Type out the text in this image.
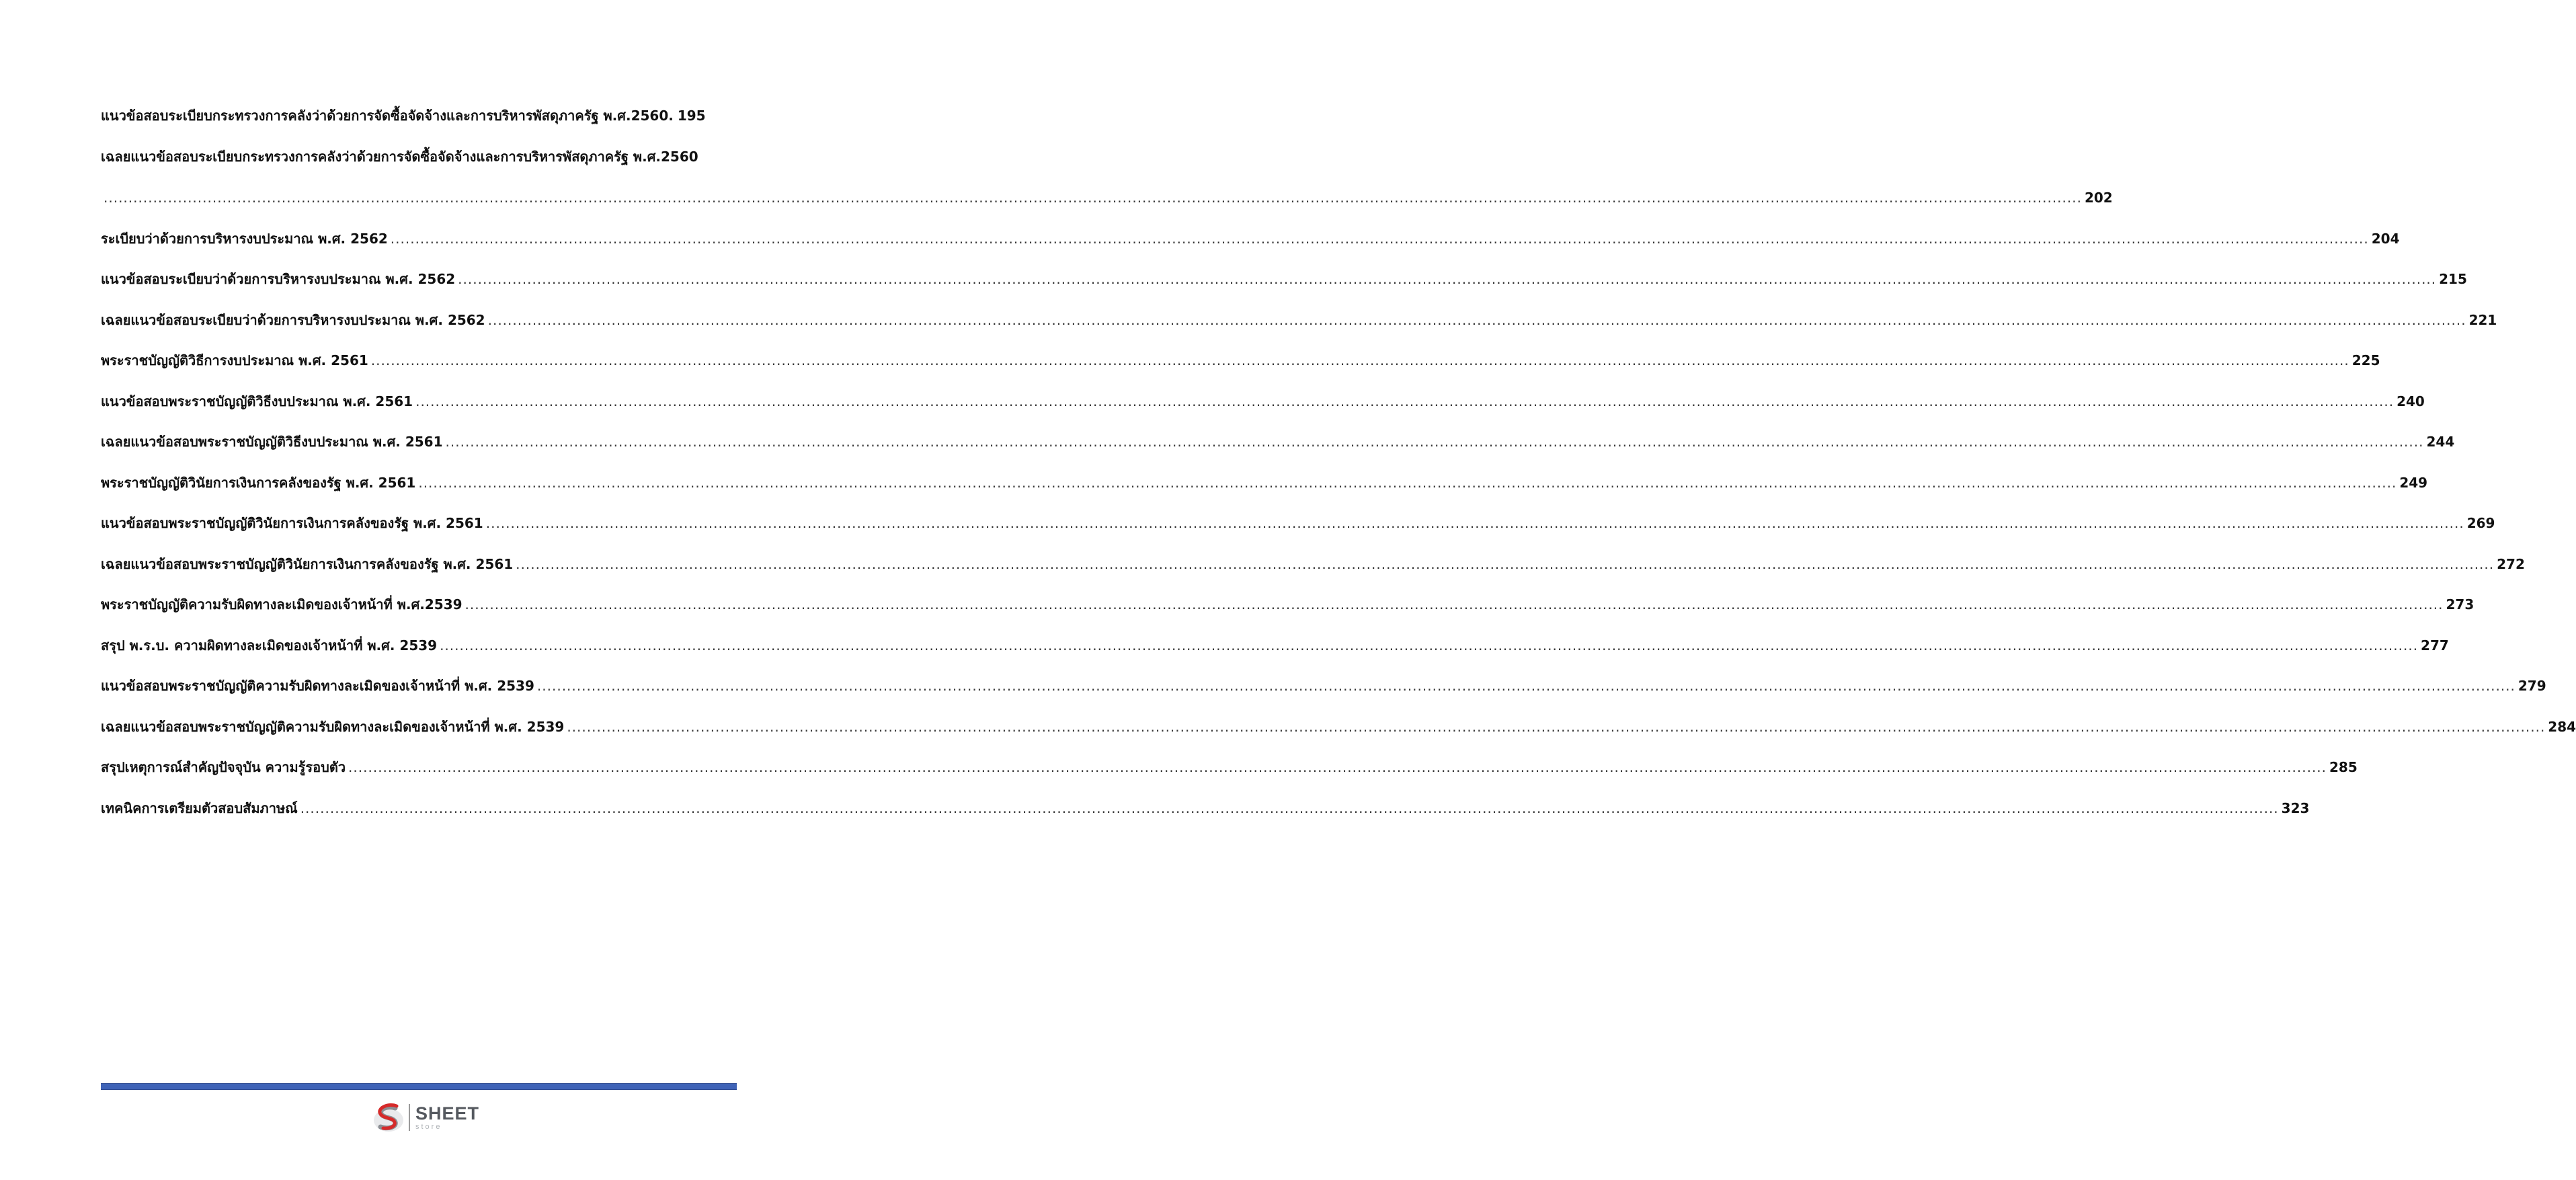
แนวข้อสอบระเบียบกระทรวงการคลังว่าด้วยการจัดซื้อจัดจ้างและการบริหารพัสดุภาครัฐ พ.ศ.2560. 195
เฉลยแนวข้อสอบระเบียบกระทรวงการคลังว่าด้วยการจัดซื้อจัดจ้างและการบริหารพัสดุภาครัฐ พ.ศ.2560
................................................................................................................................................................................................................................................................................................................................................................................................................ 202
ระเบียบว่าด้วยการบริหารงบประมาณ พ.ศ. 2562 ................................................................................................................................................................................................................................................................................................................................................................................................................ 204
แนวข้อสอบระเบียบว่าด้วยการบริหารงบประมาณ พ.ศ. 2562 ................................................................................................................................................................................................................................................................................................................................................................................................................ 215
เฉลยแนวข้อสอบระเบียบว่าด้วยการบริหารงบประมาณ พ.ศ. 2562 ................................................................................................................................................................................................................................................................................................................................................................................................................ 221
พระราชบัญญัติวิธีการงบประมาณ พ.ศ. 2561 ................................................................................................................................................................................................................................................................................................................................................................................................................ 225
แนวข้อสอบพระราชบัญญัติวิธีงบประมาณ พ.ศ. 2561 ................................................................................................................................................................................................................................................................................................................................................................................................................ 240
เฉลยแนวข้อสอบพระราชบัญญัติวิธีงบประมาณ พ.ศ. 2561 ................................................................................................................................................................................................................................................................................................................................................................................................................ 244
พระราชบัญญัติวินัยการเงินการคลังของรัฐ พ.ศ. 2561 ................................................................................................................................................................................................................................................................................................................................................................................................................ 249
แนวข้อสอบพระราชบัญญัติวินัยการเงินการคลังของรัฐ พ.ศ. 2561 ................................................................................................................................................................................................................................................................................................................................................................................................................ 269
เฉลยแนวข้อสอบพระราชบัญญัติวินัยการเงินการคลังของรัฐ พ.ศ. 2561 ................................................................................................................................................................................................................................................................................................................................................................................................................ 272
พระราชบัญญัติความรับผิดทางละเมิดของเจ้าหน้าที่ พ.ศ.2539 ................................................................................................................................................................................................................................................................................................................................................................................................................ 273
สรุป พ.ร.บ. ความผิดทางละเมิดของเจ้าหน้าที่ พ.ศ. 2539 ................................................................................................................................................................................................................................................................................................................................................................................................................ 277
แนวข้อสอบพระราชบัญญัติความรับผิดทางละเมิดของเจ้าหน้าที่ พ.ศ. 2539 ................................................................................................................................................................................................................................................................................................................................................................................................................ 279
เฉลยแนวข้อสอบพระราชบัญญัติความรับผิดทางละเมิดของเจ้าหน้าที่ พ.ศ. 2539 ................................................................................................................................................................................................................................................................................................................................................................................................................ 284
สรุปเหตุการณ์สำคัญปัจจุบัน ความรู้รอบตัว ................................................................................................................................................................................................................................................................................................................................................................................................................ 285
เทคนิคการเตรียมตัวสอบสัมภาษณ์ ................................................................................................................................................................................................................................................................................................................................................................................................................ 323
SHEET
store
